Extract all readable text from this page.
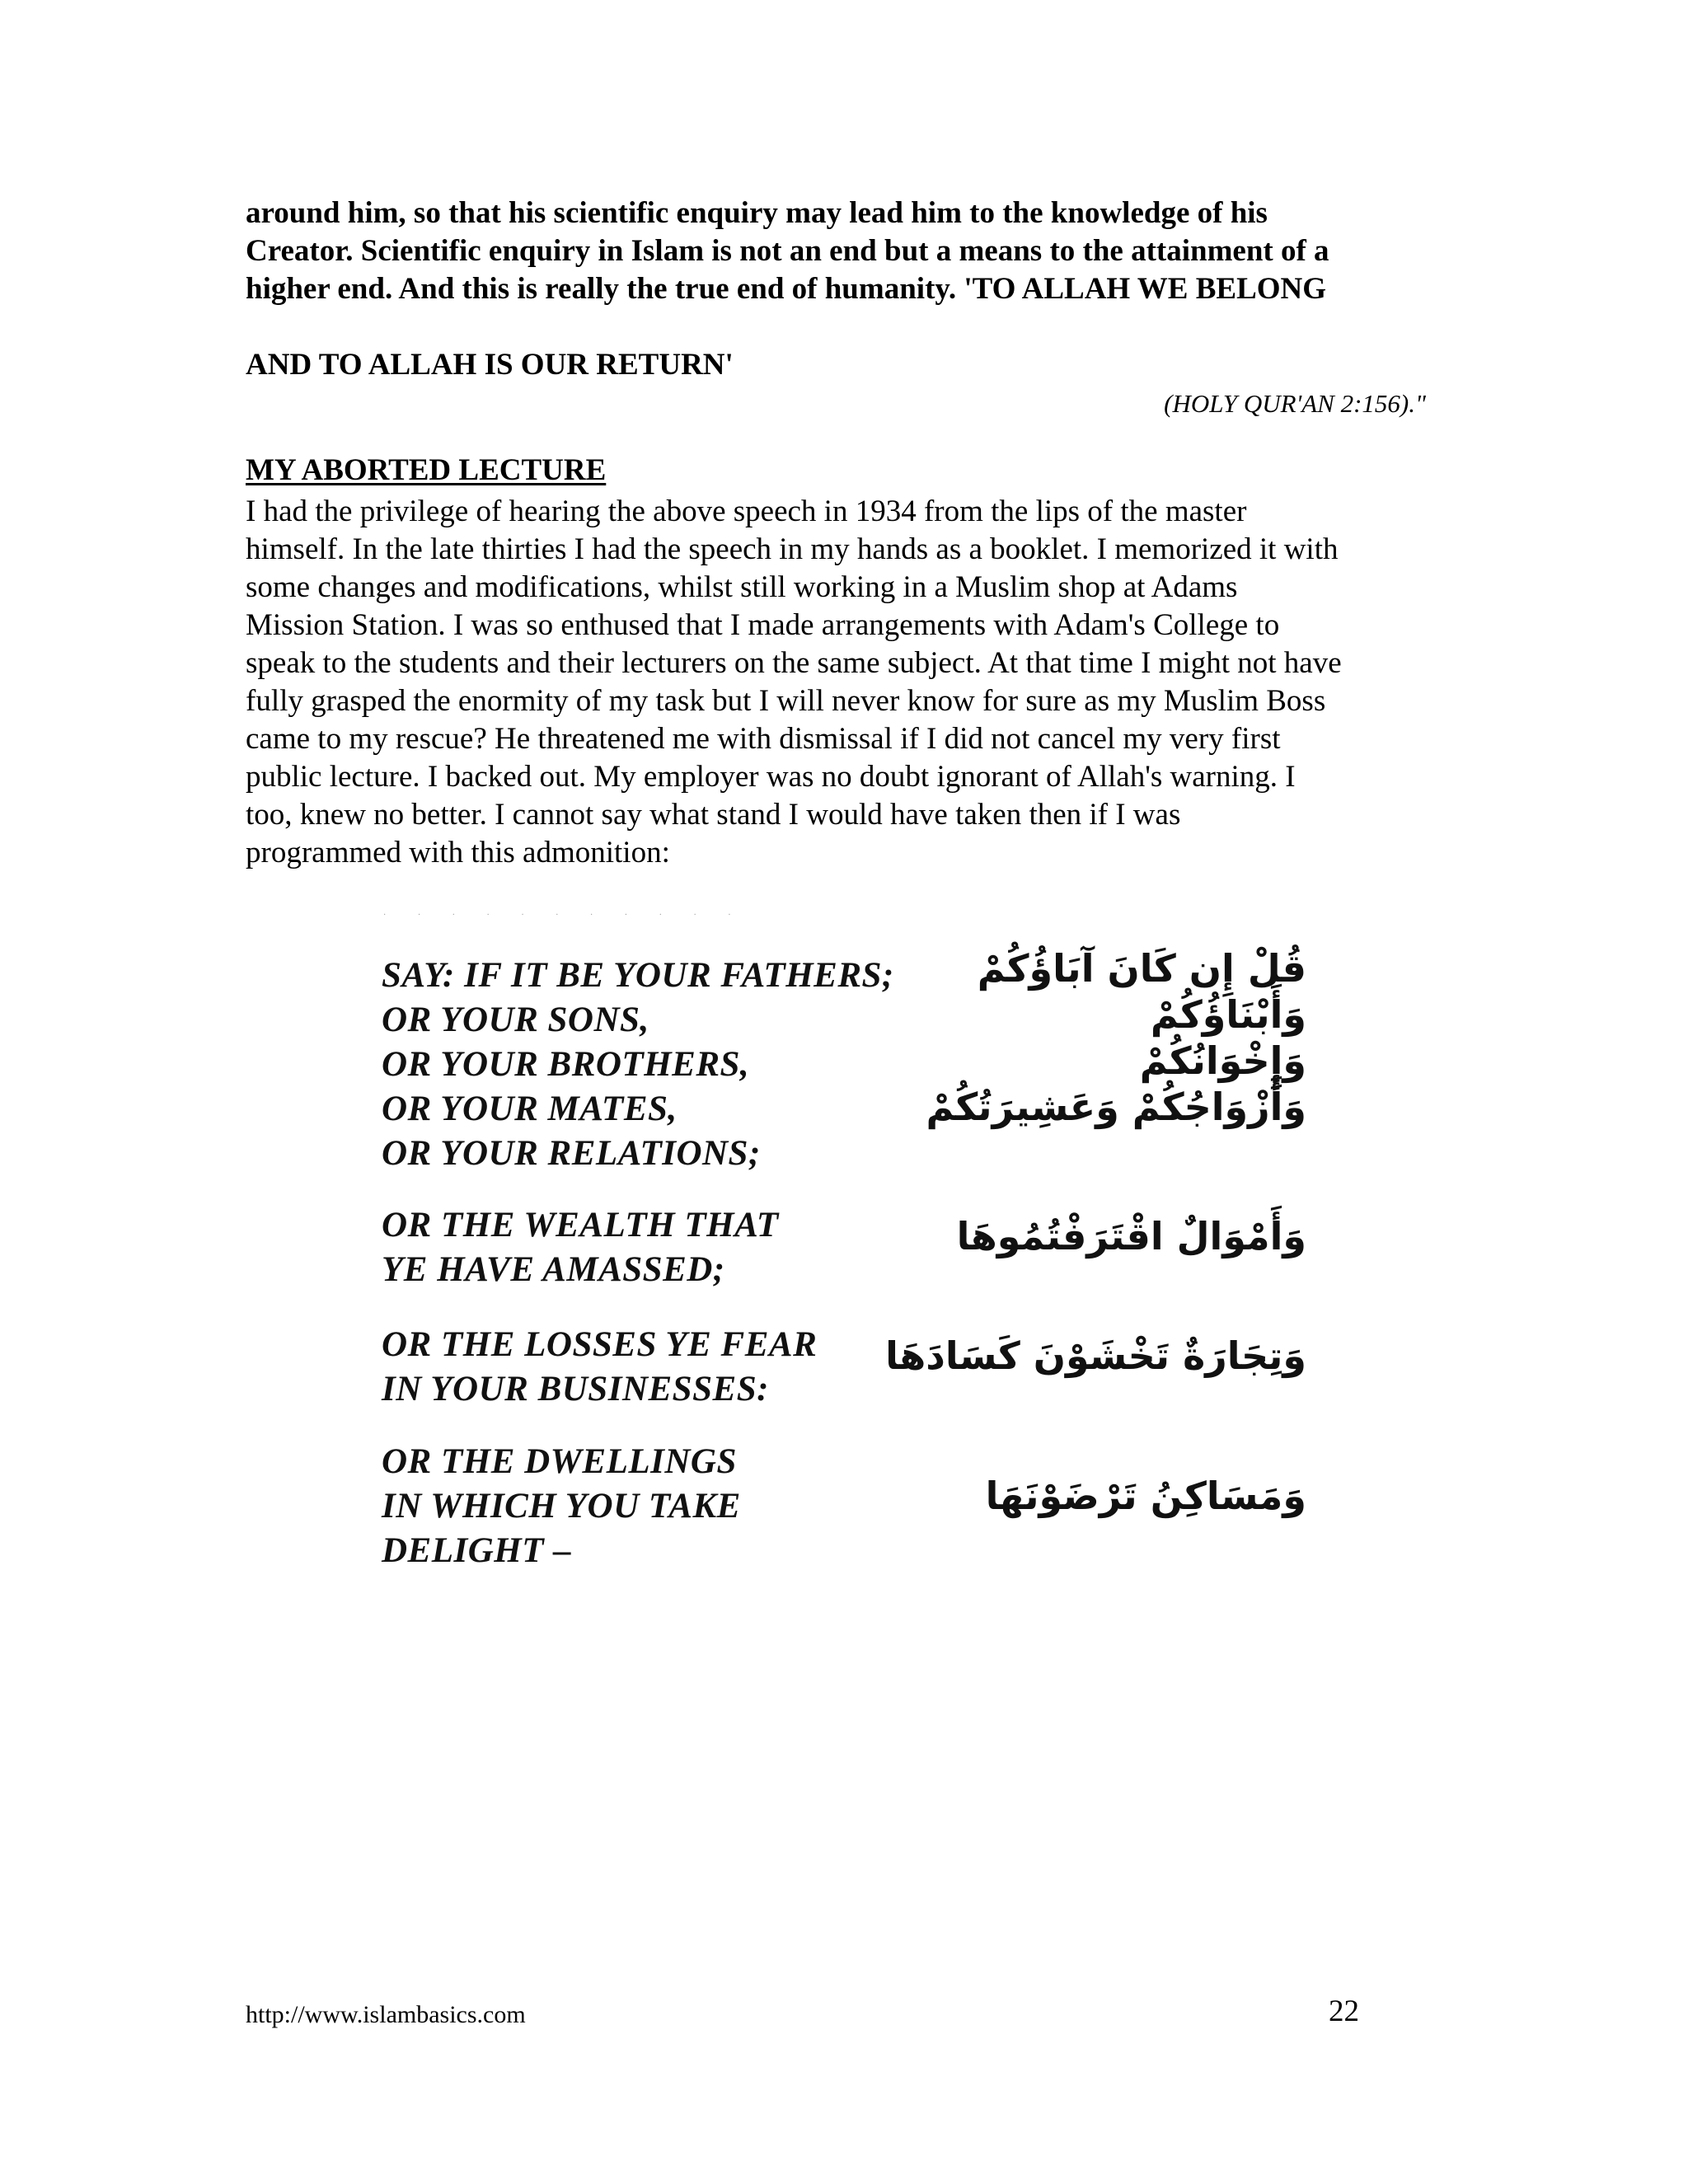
around him, so that his scientific enquiry may lead him to the knowledge of his

Creator. Scientific enquiry in Islam is not an end but a means to the attainment of a

higher end. And this is really the true end of humanity. 'TO ALLAH WE BELONG

AND TO ALLAH IS OUR RETURN'

(HOLY QUR'AN 2:156)."
MY ABORTED LECTURE
I had the privilege of hearing the above speech in 1934 from the lips of the master
himself. In the late thirties I had the speech in my hands as a booklet. I memorized it with
some changes and modifications, whilst still working in a Muslim shop at Adams
Mission Station. I was so enthused that I made arrangements with Adam's College to
speak to the students and their lecturers on the same subject. At that time I might not have
fully grasped the enormity of my task but I will never know for sure as my Muslim Boss
came to my rescue? He threatened me with dismissal if I did not cancel my very first
public lecture. I backed out. My employer was no doubt ignorant of Allah's warning. I
too, knew no better. I cannot say what stand I would have taken then if I was
programmed with this admonition:
· · · · · · · · · · ·
SAY: IF IT BE YOUR FATHERS;
OR YOUR SONS,
OR YOUR BROTHERS,
OR YOUR MATES,
OR YOUR RELATIONS;
قُلْ إِن كَانَ آبَاؤُكُمْ
وَأَبْنَاؤُكُمْ
وَإِخْوَانُكُمْ
وَأَزْوَاجُكُمْ وَعَشِيرَتُكُمْ
OR THE WEALTH THAT
YE HAVE AMASSED;
وَأَمْوَالٌ اقْتَرَفْتُمُوهَا
OR THE LOSSES YE FEAR
IN YOUR BUSINESSES:
وَتِجَارَةٌ تَخْشَوْنَ كَسَادَهَا
OR THE DWELLINGS
IN WHICH YOU TAKE
DELIGHT –
وَمَسَاكِنُ تَرْضَوْنَهَا
http://www.islambasics.com	22
